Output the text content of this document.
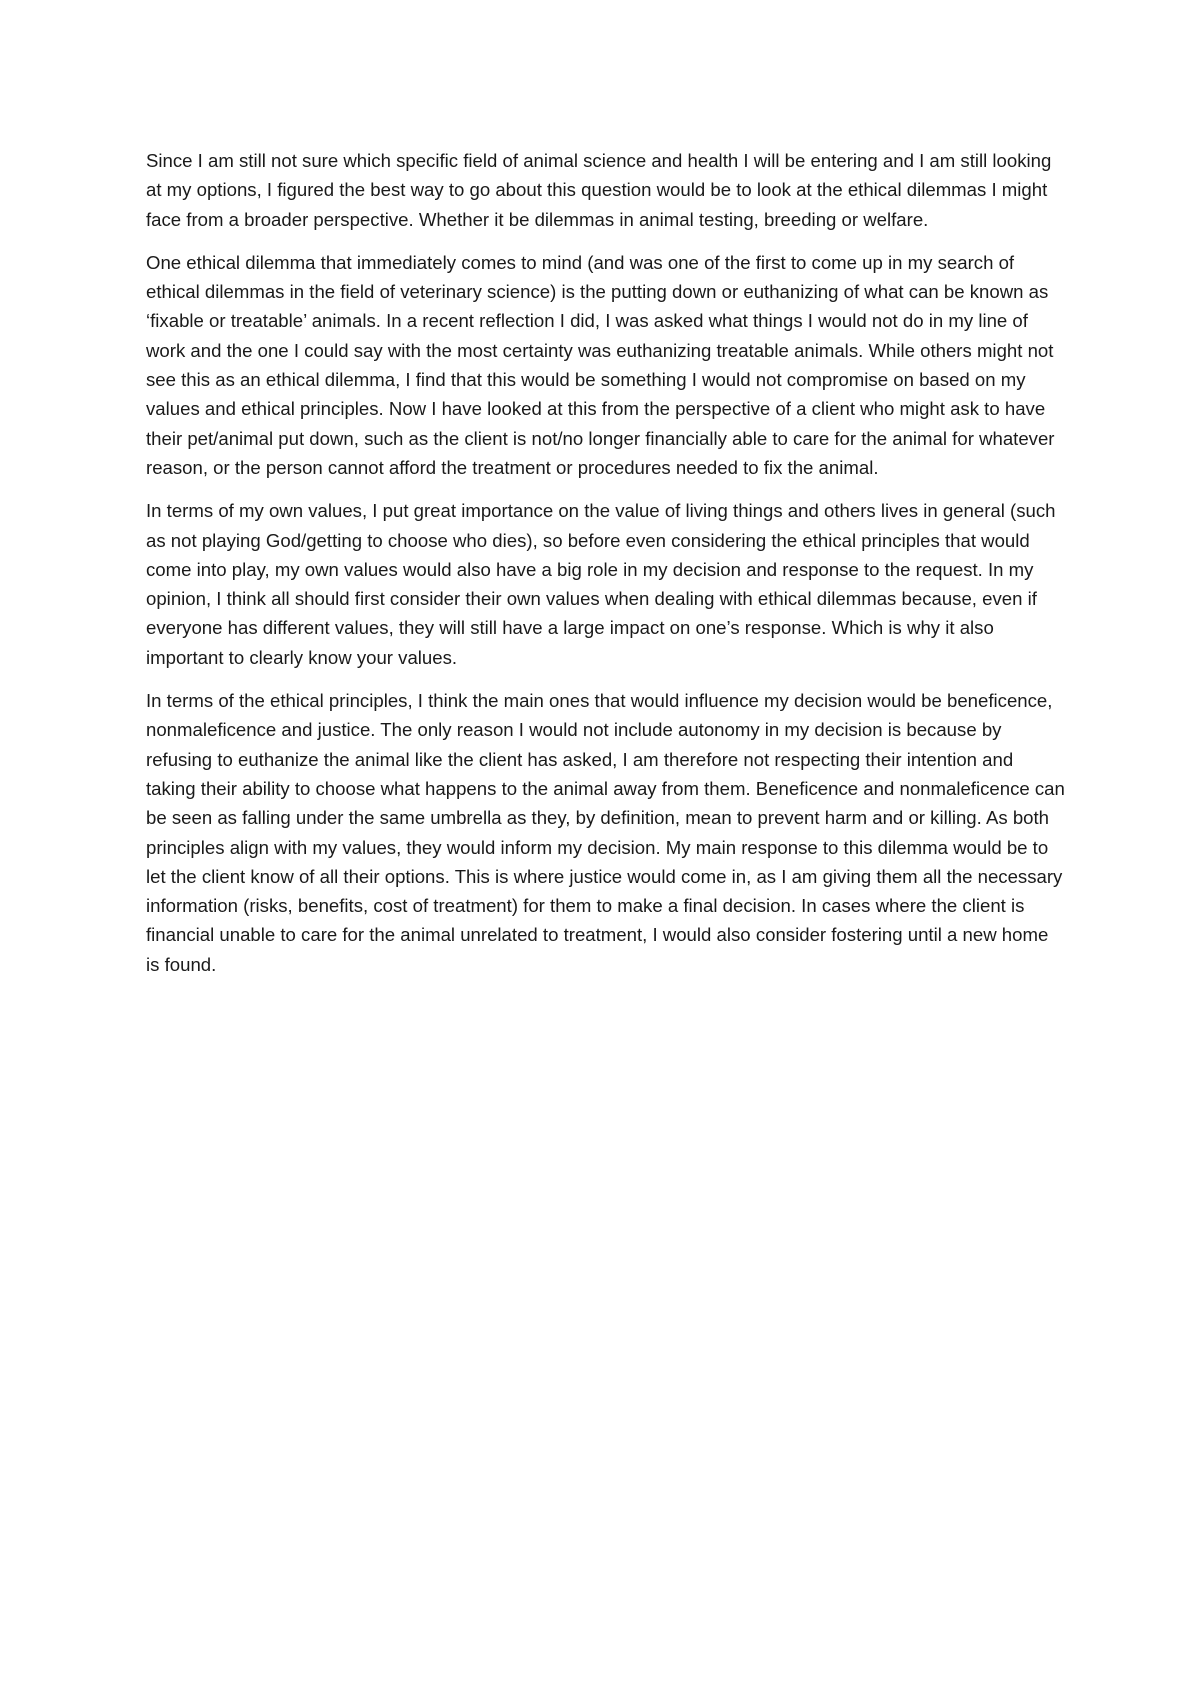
Since I am still not sure which specific field of animal science and health I will be entering and I am still looking at my options, I figured the best way to go about this question would be to look at the ethical dilemmas I might face from a broader perspective. Whether it be dilemmas in animal testing, breeding or welfare.

One ethical dilemma that immediately comes to mind (and was one of the first to come up in my search of ethical dilemmas in the field of veterinary science) is the putting down or euthanizing of what can be known as ‘fixable or treatable’ animals. In a recent reflection I did, I was asked what things I would not do in my line of work and the one I could say with the most certainty was euthanizing treatable animals. While others might not see this as an ethical dilemma, I find that this would be something I would not compromise on based on my values and ethical principles. Now I have looked at this from the perspective of a client who might ask to have their pet/animal put down, such as the client is not/no longer financially able to care for the animal for whatever reason, or the person cannot afford the treatment or procedures needed to fix the animal.

In terms of my own values, I put great importance on the value of living things and others lives in general (such as not playing God/getting to choose who dies), so before even considering the ethical principles that would come into play, my own values would also have a big role in my decision and response to the request. In my opinion, I think all should first consider their own values when dealing with ethical dilemmas because, even if everyone has different values, they will still have a large impact on one’s response. Which is why it also important to clearly know your values.

In terms of the ethical principles, I think the main ones that would influence my decision would be beneficence, nonmaleficence and justice. The only reason I would not include autonomy in my decision is because by refusing to euthanize the animal like the client has asked, I am therefore not respecting their intention and taking their ability to choose what happens to the animal away from them. Beneficence and nonmaleficence can be seen as falling under the same umbrella as they, by definition, mean to prevent harm and or killing. As both principles align with my values, they would inform my decision. My main response to this dilemma would be to let the client know of all their options. This is where justice would come in, as I am giving them all the necessary information (risks, benefits, cost of treatment) for them to make a final decision. In cases where the client is financial unable to care for the animal unrelated to treatment, I would also consider fostering until a new home is found.
